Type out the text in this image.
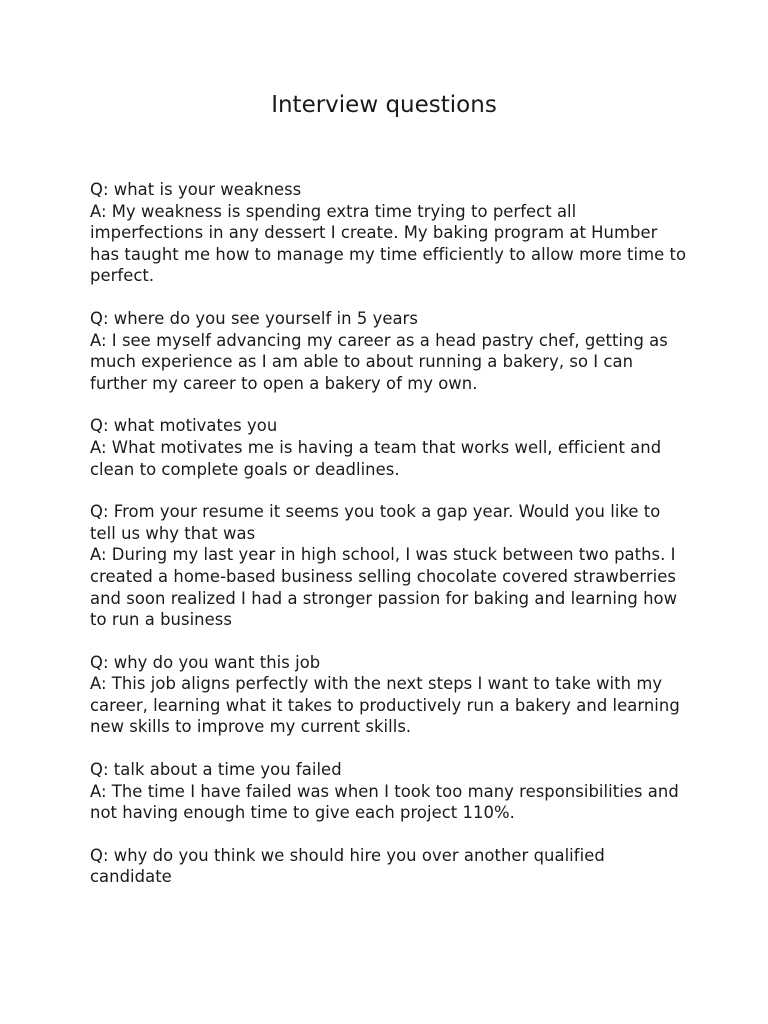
Interview questions

Q: what is your weakness

A: My weakness is spending extra time trying to perfect all imperfections in any dessert I create. My baking program at Humber has taught me how to manage my time efficiently to allow more time to perfect.

Q: where do you see yourself in 5 years

A: I see myself advancing my career as a head pastry chef, getting as much experience as I am able to about running a bakery, so I can further my career to open a bakery of my own.

Q: what motivates you

A: What motivates me is having a team that works well, efficient and clean to complete goals or deadlines.

Q: From your resume it seems you took a gap year. Would you like to tell us why that was

A: During my last year in high school, I was stuck between two paths. I created a home-based business selling chocolate covered strawberries and soon realized I had a stronger passion for baking and learning how to run a business

Q: why do you want this job

A: This job aligns perfectly with the next steps I want to take with my career, learning what it takes to productively run a bakery and learning new skills to improve my current skills.

Q: talk about a time you failed

A: The time I have failed was when I took too many responsibilities and not having enough time to give each project 110%.

Q: why do you think we should hire you over another qualified candidate
